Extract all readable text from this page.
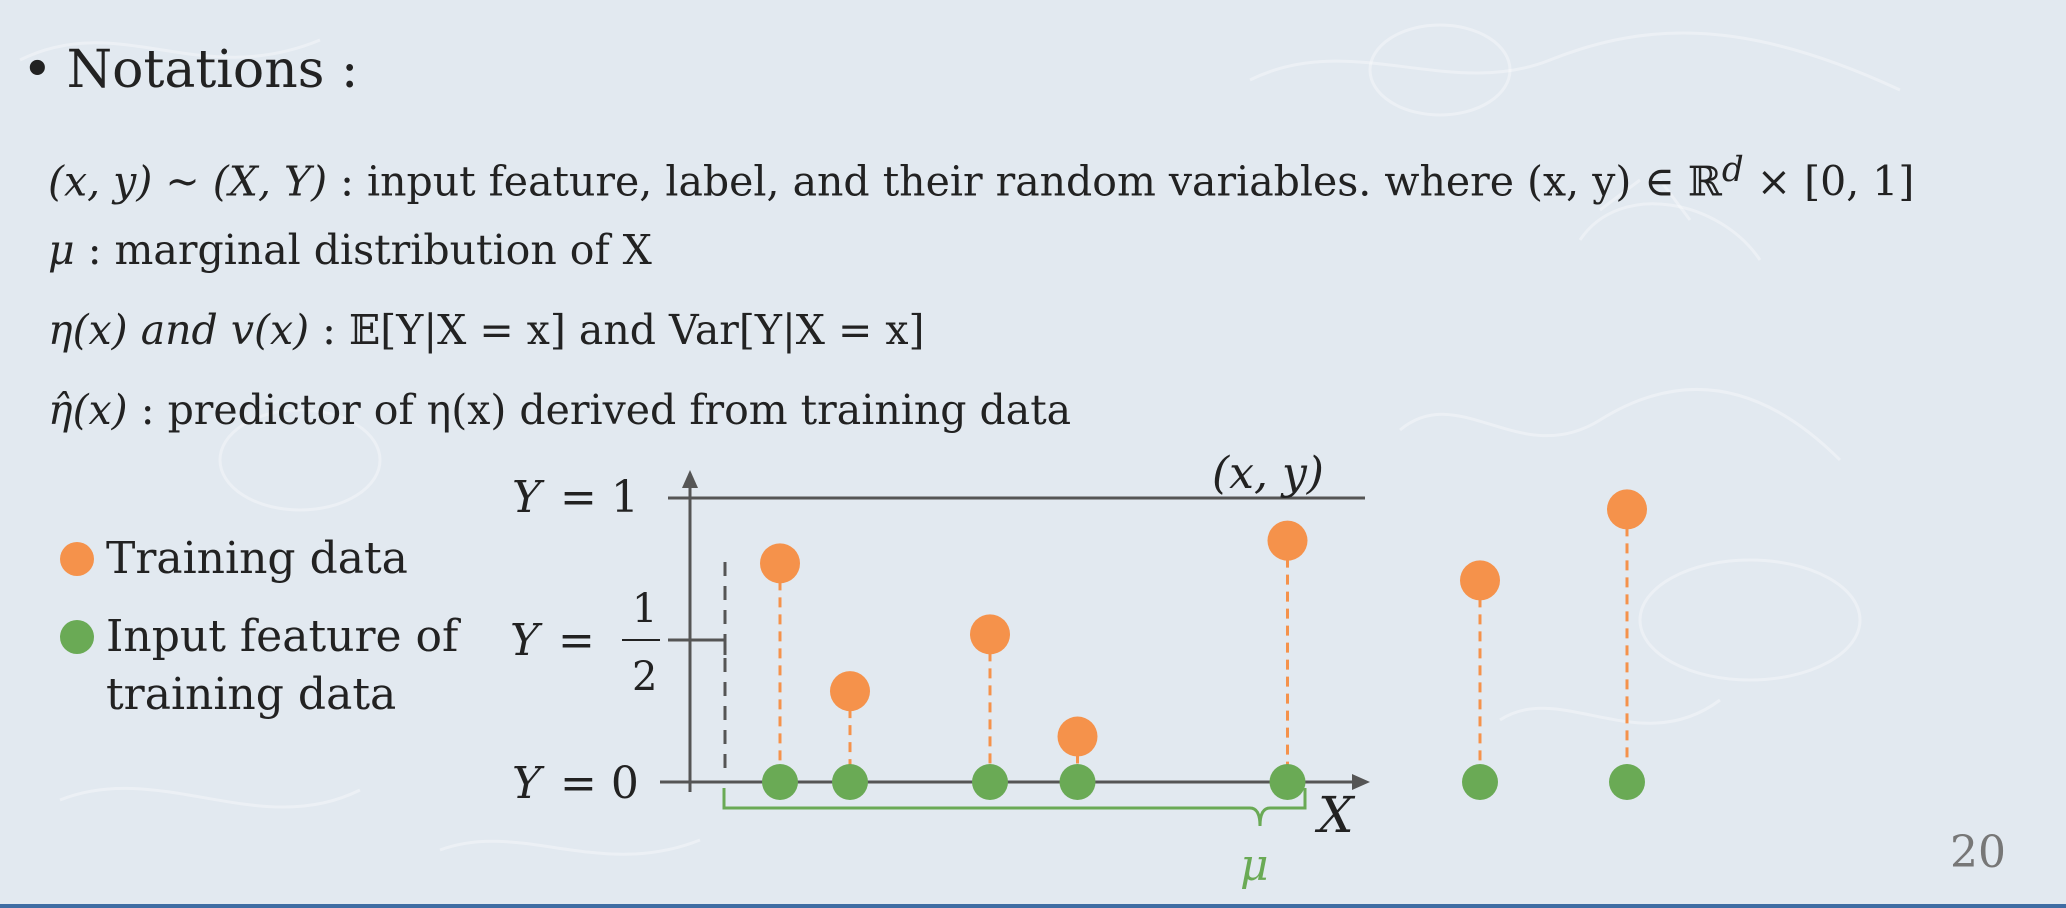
• Notations :
(x, y) ~ (X, Y) : input feature, label, and their random variables. where (x, y) ∈ ℝ$^d$ × [0, 1]
μ : marginal distribution of X
η(x) and v(x) : 𝔼[Y|X = x] and Var[Y|X = x]
η̂(x) : predictor of η(x) derived from training data
Training data
Input feature of
training data
Y = 1
Y =
1
2
Y = 0
X
(x, y)
μ	20
